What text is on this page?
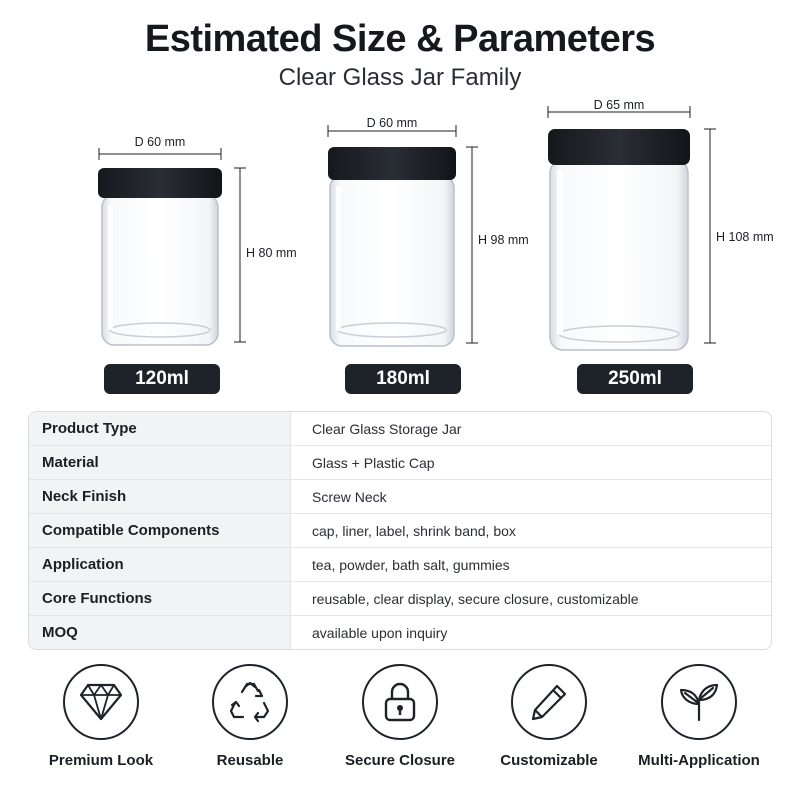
Estimated Size & Parameters
Clear Glass Jar Family
D 60 mm
H 80 mm
D 60 mm
H 98 mm
D 65 mm
H 108 mm
120ml	180ml	250ml
Product Type	Clear Glass Storage Jar
Material	Glass + Plastic Cap
Neck Finish	Screw Neck
Compatible Components	cap, liner, label, shrink band, box
Application	tea, powder, bath salt, gummies
Core Functions	reusable, clear display, secure closure, customizable
MOQ	available upon inquiry
Premium Look	Reusable	Secure Closure	Customizable	Multi-Application
